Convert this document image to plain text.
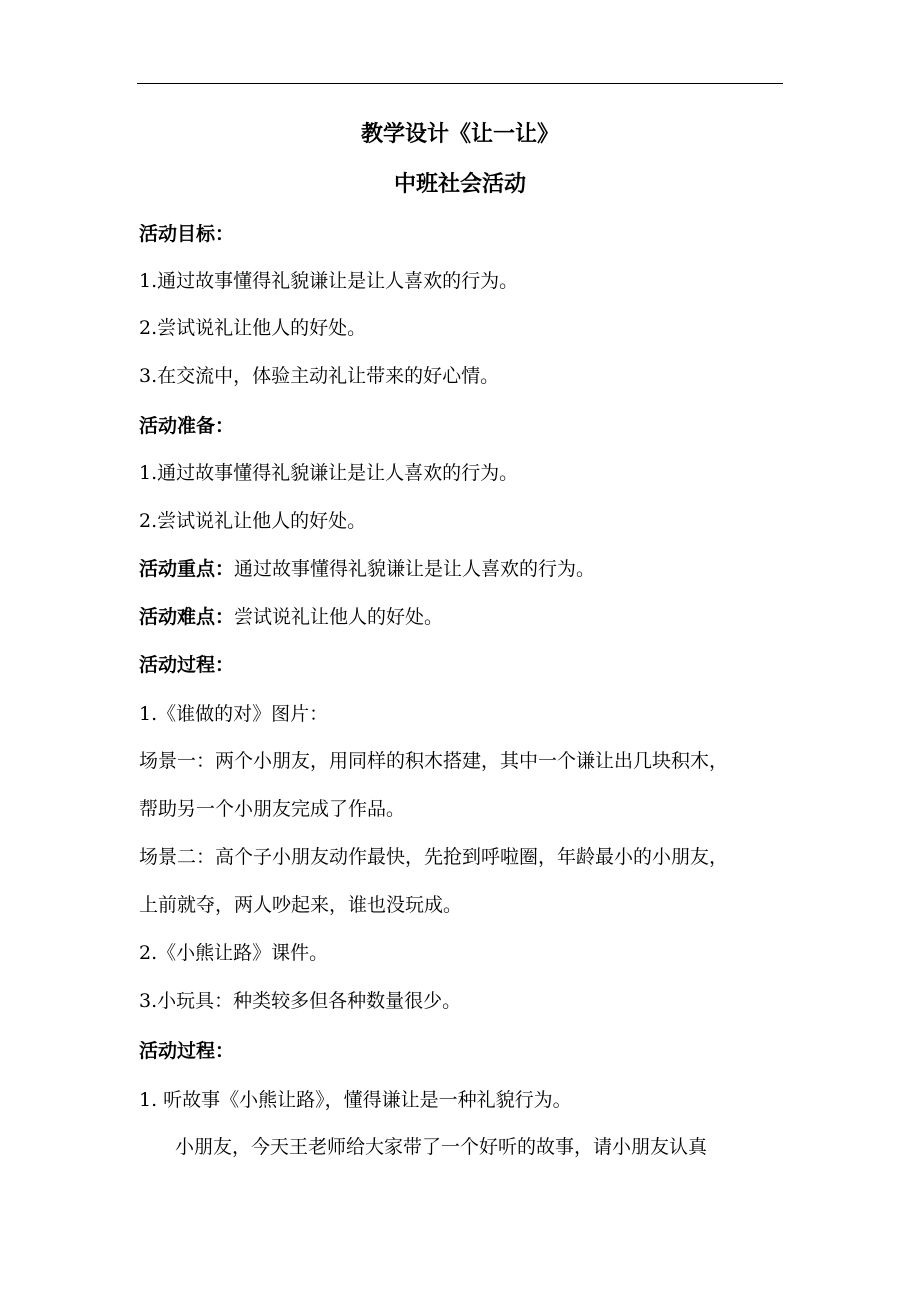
教学设计《让一让》
中班社会活动
活动目标：
1.通过故事懂得礼貌谦让是让人喜欢的行为。
2.尝试说礼让他人的好处。
3.在交流中，体验主动礼让带来的好心情。
活动准备：
1.通过故事懂得礼貌谦让是让人喜欢的行为。
2.尝试说礼让他人的好处。
活动重点：通过故事懂得礼貌谦让是让人喜欢的行为。
活动难点：尝试说礼让他人的好处。
活动过程：
1.《谁做的对》图片：
场景一：两个小朋友，用同样的积木搭建，其中一个谦让出几块积木，
帮助另一个小朋友完成了作品。
场景二：高个子小朋友动作最快，先抢到呼啦圈，年龄最小的小朋友，
上前就夺，两人吵起来，谁也没玩成。
2.《小熊让路》课件。
3.小玩具：种类较多但各种数量很少。
活动过程：
1. 听故事《小熊让路》，懂得谦让是一种礼貌行为。
小朋友，今天王老师给大家带了一个好听的故事，请小朋友认真
